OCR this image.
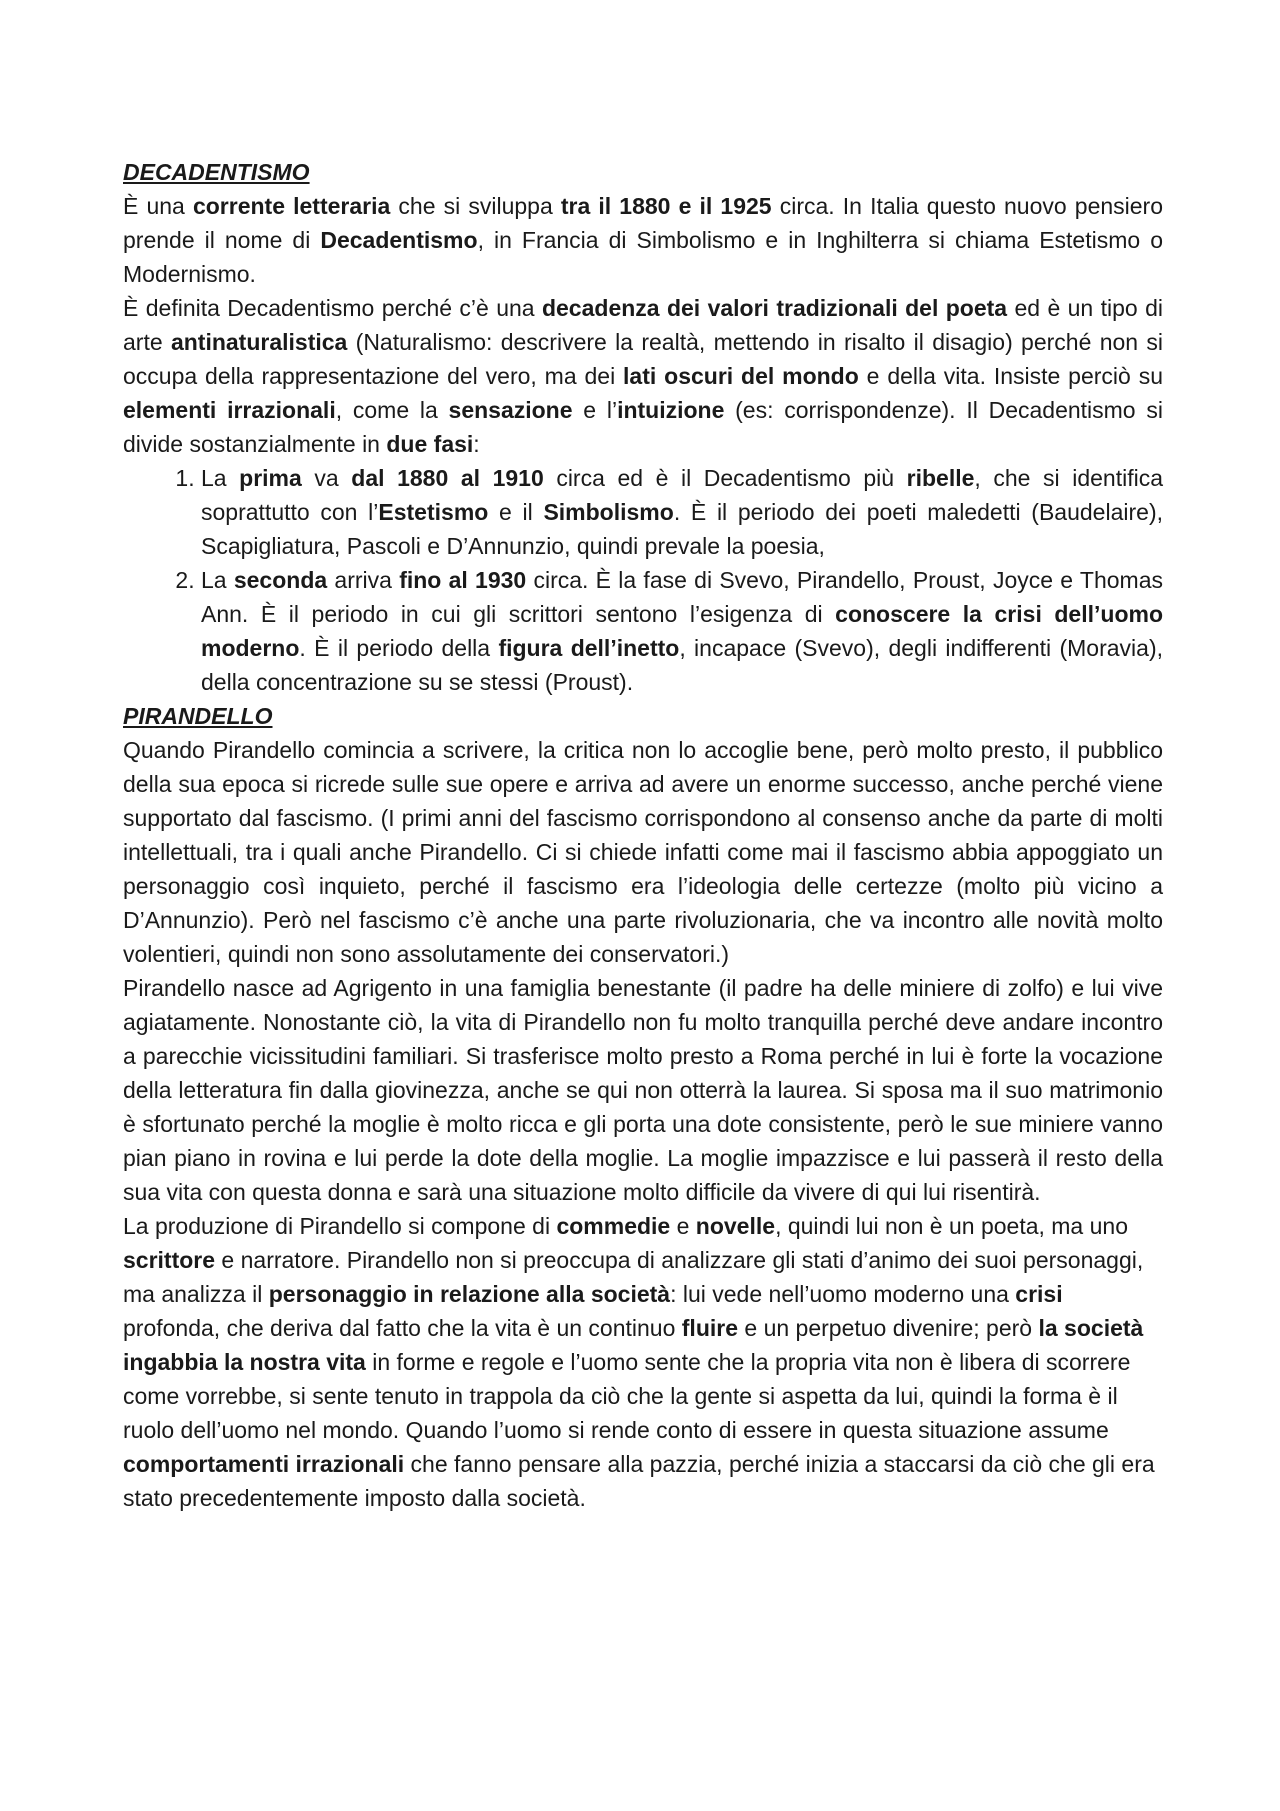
DECADENTISMO

È una corrente letteraria che si sviluppa tra il 1880 e il 1925 circa. In Italia questo nuovo pensiero prende il nome di Decadentismo, in Francia di Simbolismo e in Inghilterra si chiama Estetismo o Modernismo.

È definita Decadentismo perché c’è una decadenza dei valori tradizionali del poeta ed è un tipo di arte antinaturalistica (Naturalismo: descrivere la realtà, mettendo in risalto il disagio) perché non si occupa della rappresentazione del vero, ma dei lati oscuri del mondo e della vita. Insiste perciò su elementi irrazionali, come la sensazione e l’intuizione (es: corrispondenze). Il Decadentismo si divide sostanzialmente in due fasi:

1. La prima va dal 1880 al 1910 circa ed è il Decadentismo più ribelle, che si identifica soprattutto con l’Estetismo e il Simbolismo. È il periodo dei poeti maledetti (Baudelaire), Scapigliatura, Pascoli e D’Annunzio, quindi prevale la poesia,
2. La seconda arriva fino al 1930 circa. È la fase di Svevo, Pirandello, Proust, Joyce e Thomas Ann. È il periodo in cui gli scrittori sentono l’esigenza di conoscere la crisi dell’uomo moderno. È il periodo della figura dell’inetto, incapace (Svevo), degli indifferenti (Moravia), della concentrazione su se stessi (Proust).
PIRANDELLO

Quando Pirandello comincia a scrivere, la critica non lo accoglie bene, però molto presto, il pubblico della sua epoca si ricrede sulle sue opere e arriva ad avere un enorme successo, anche perché viene supportato dal fascismo. (I primi anni del fascismo corrispondono al consenso anche da parte di molti intellettuali, tra i quali anche Pirandello. Ci si chiede infatti come mai il fascismo abbia appoggiato un personaggio così inquieto, perché il fascismo era l’ideologia delle certezze (molto più vicino a D’Annunzio). Però nel fascismo c’è anche una parte rivoluzionaria, che va incontro alle novità molto volentieri, quindi non sono assolutamente dei conservatori.)

Pirandello nasce ad Agrigento in una famiglia benestante (il padre ha delle miniere di zolfo) e lui vive agiatamente. Nonostante ciò, la vita di Pirandello non fu molto tranquilla perché deve andare incontro a parecchie vicissitudini familiari. Si trasferisce molto presto a Roma perché in lui è forte la vocazione della letteratura fin dalla giovinezza, anche se qui non otterrà la laurea. Si sposa ma il suo matrimonio è sfortunato perché la moglie è molto ricca e gli porta una dote consistente, però le sue miniere vanno pian piano in rovina e lui perde la dote della moglie. La moglie impazzisce e lui passerà il resto della sua vita con questa donna e sarà una situazione molto difficile da vivere di qui lui risentirà.

La produzione di Pirandello si compone di commedie e novelle, quindi lui non è un poeta, ma uno scrittore e narratore. Pirandello non si preoccupa di analizzare gli stati d’animo dei suoi personaggi, ma analizza il personaggio in relazione alla società: lui vede nell’uomo moderno una crisi profonda, che deriva dal fatto che la vita è un continuo fluire e un perpetuo divenire; però la società ingabbia la nostra vita in forme e regole e l’uomo sente che la propria vita non è libera di scorrere come vorrebbe, si sente tenuto in trappola da ciò che la gente si aspetta da lui, quindi la forma è il ruolo dell’uomo nel mondo. Quando l’uomo si rende conto di essere in questa situazione assume comportamenti irrazionali che fanno pensare alla pazzia, perché inizia a staccarsi da ciò che gli era stato precedentemente imposto dalla società.
